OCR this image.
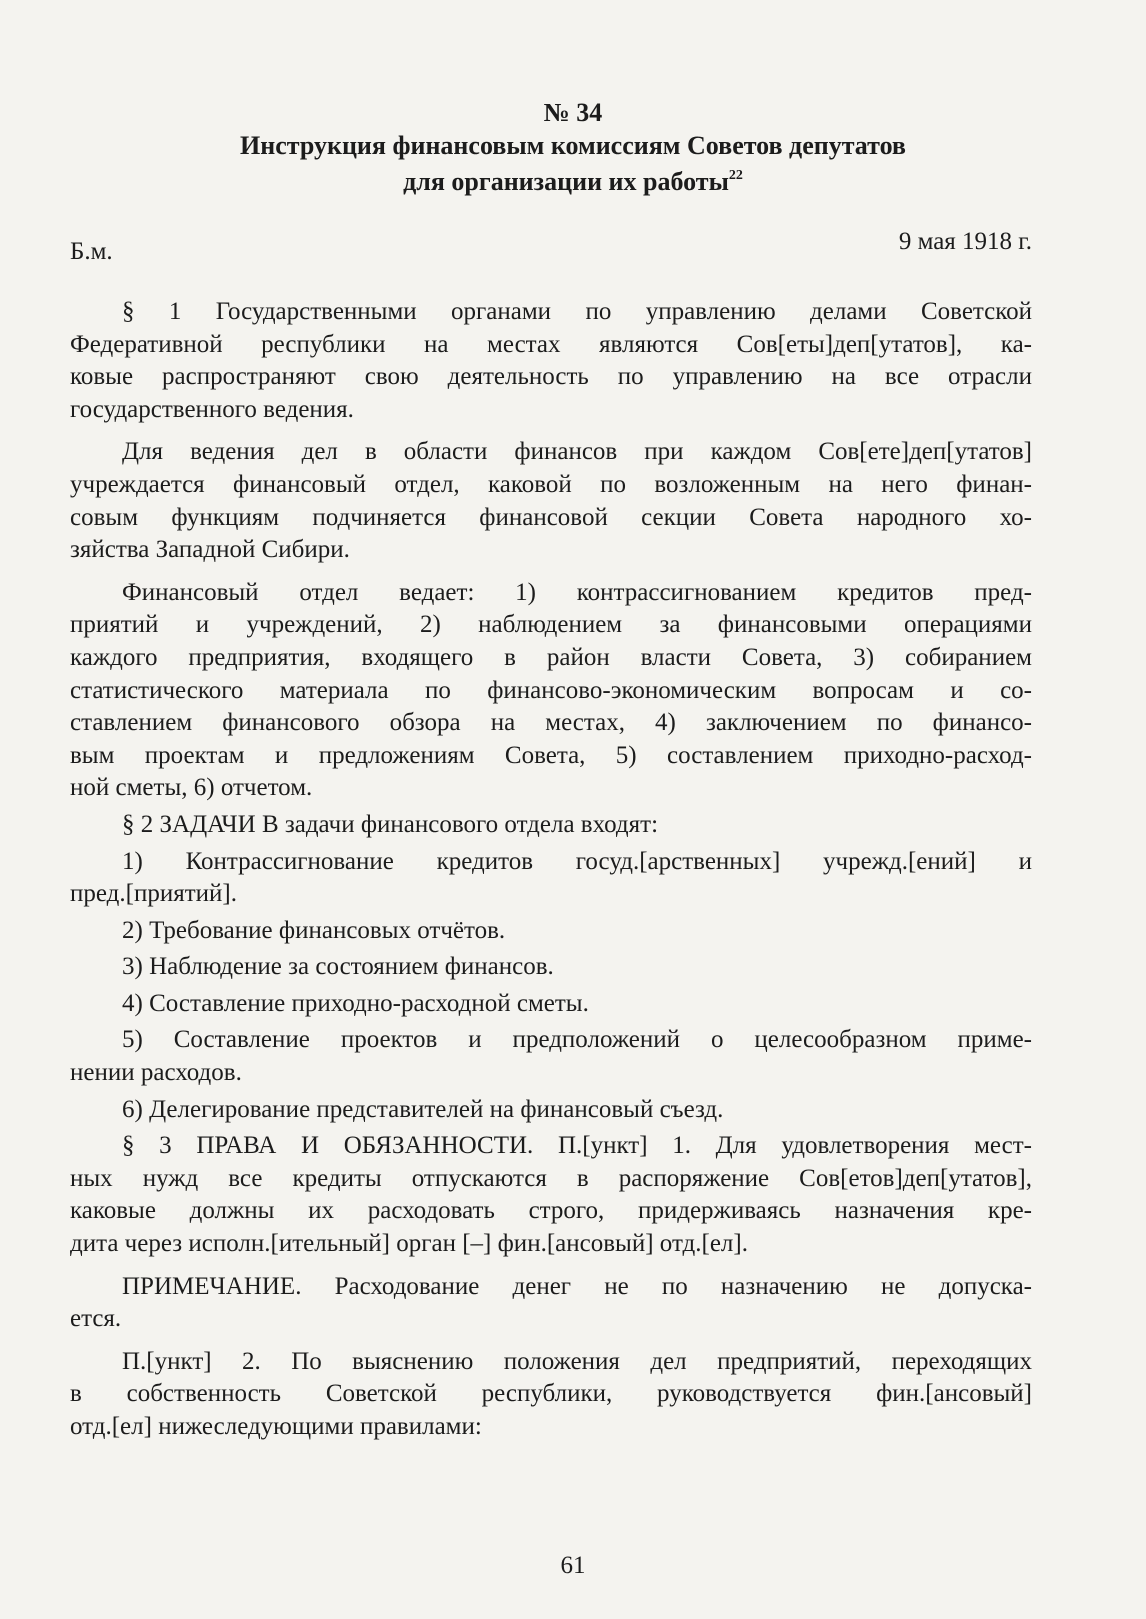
№ 34
Инструкция финансовым комиссиям Советов депутатов
для организации их работы$^{22}$
Б.м.	9 мая 1918 г.

§ 1 Государственными органами по управлению делами Советской
Федеративной республики на местах являются Сов[еты]деп[утатов], ка-
ковые распространяют свою деятельность по управлению на все отрасли
государственного ведения.

Для ведения дел в области финансов при каждом Сов[ете]деп[утатов]
учреждается финансовый отдел, каковой по возложенным на него финан-
совым функциям подчиняется финансовой секции Совета народного хо-
зяйства Западной Сибири.

Финансовый отдел ведает: 1) контрассигнованием кредитов пред-
приятий и учреждений, 2) наблюдением за финансовыми операциями
каждого предприятия, входящего в район власти Совета, 3) собиранием
статистического материала по финансово-экономическим вопросам и со-
ставлением финансового обзора на местах, 4) заключением по финансо-
вым проектам и предложениям Совета, 5) составлением приходно-расход-
ной сметы, 6) отчетом.

§ 2 ЗАДАЧИ В задачи финансового отдела входят:

1) Контрассигнование кредитов госуд.[арственных] учрежд.[ений] и
пред.[приятий].

2) Требование финансовых отчётов.

3) Наблюдение за состоянием финансов.

4) Составление приходно-расходной сметы.

5) Составление проектов и предположений о целесообразном приме-
нении расходов.

6) Делегирование представителей на финансовый съезд.

§ 3 ПРАВА И ОБЯЗАННОСТИ. П.[ункт] 1. Для удовлетворения мест-
ных нужд все кредиты отпускаются в распоряжение Сов[етов]деп[утатов],
каковые должны их расходовать строго, придерживаясь назначения кре-
дита через исполн.[ительный] орган [–] фин.[ансовый] отд.[ел].

ПРИМЕЧАНИЕ. Расходование денег не по назначению не допуска-
ется.

П.[ункт] 2. По выяснению положения дел предприятий, переходящих
в собственность Советской республики, руководствуется фин.[ансовый]
отд.[ел] нижеследующими правилами:

61
